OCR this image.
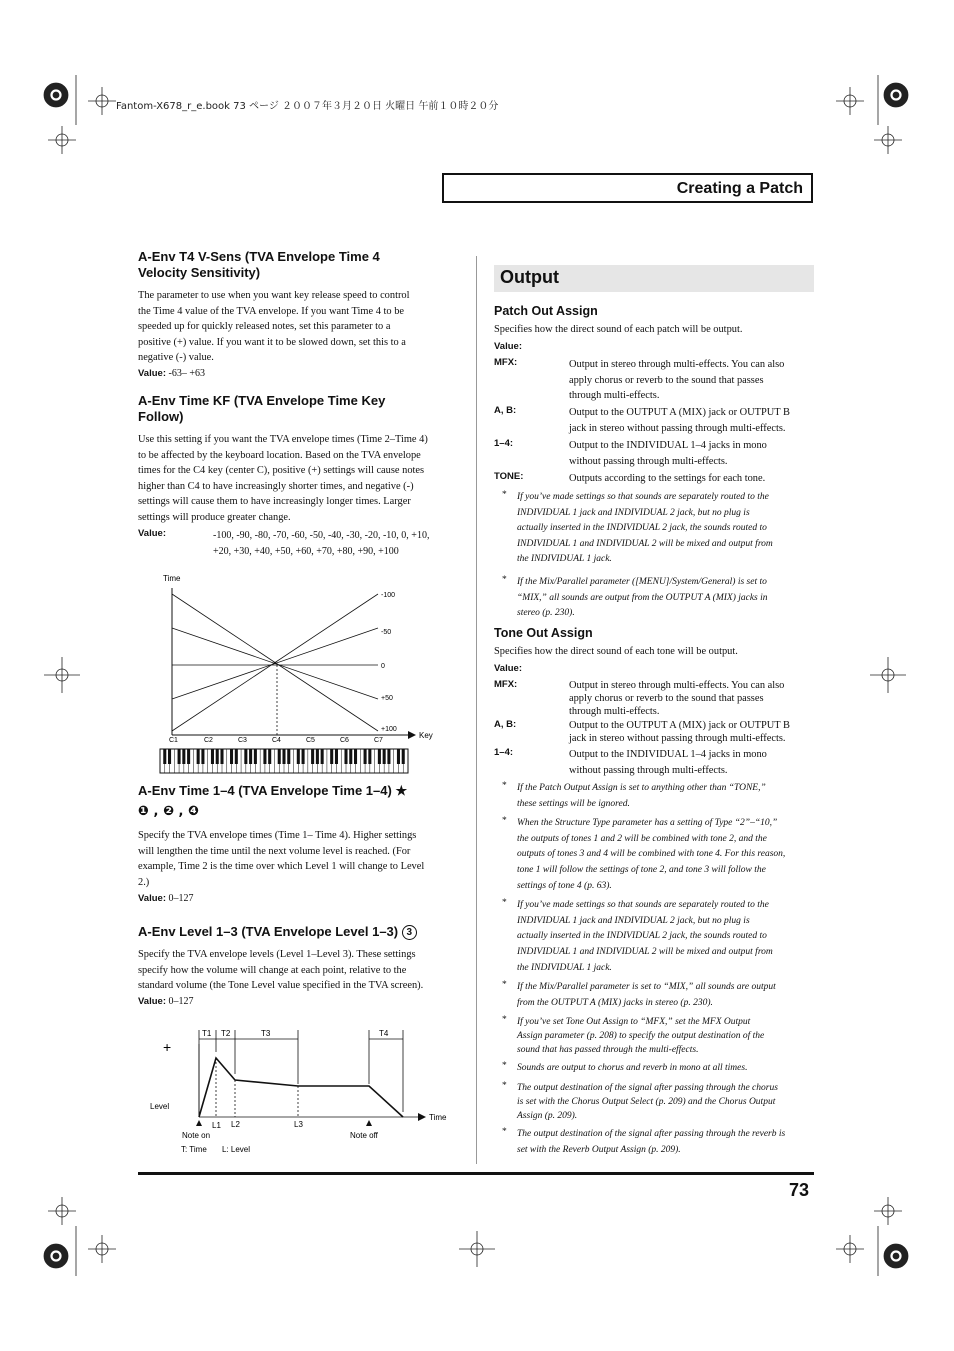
Fantom-X678_r_e.book 73 ページ ２００７年３月２０日 火曜日 午前１０時２０分
Creating a Patch
A-Env T4 V-Sens (TVA Envelope Time 4
Velocity Sensitivity)
The parameter to use when you want key release speed to control
the Time 4 value of the TVA envelope. If you want Time 4 to be
speeded up for quickly released notes, set this parameter to a
positive (+) value. If you want it to be slowed down, set this to a
negative (-) value.
Value: -63– +63
A-Env Time KF (TVA Envelope Time Key
Follow)
Use this setting if you want the TVA envelope times (Time 2–Time 4)
to be affected by the keyboard location. Based on the TVA envelope
times for the C4 key (center C), positive (+) settings will cause notes
higher than C4 to have increasingly shorter times, and negative (-)
settings will cause them to have increasingly longer times. Larger
settings will produce greater change.
Value:	-100, -90, -80, -70, -60, -50, -40, -30, -20, -10, 0, +10,
+20, +30, +40, +50, +60, +70, +80, +90, +100
Time
-100
-50
0
+50
+100
Key
C1	C2	C3	C4	C5	C6	C7
A-Env Time 1–4 (TVA Envelope Time 1–4) ★
❶ , ❷ , ❹
Specify the TVA envelope times (Time 1– Time 4). Higher settings
will lengthen the time until the next volume level is reached. (For
example, Time 2 is the time over which Level 1 will change to Level
2.)
Value: 0–127
A-Env Level 1–3 (TVA Envelope Level 1–3) 3
Specify the TVA envelope levels (Level 1–Level 3). These settings
specify how the volume will change at each point, relative to the
standard volume (the Tone Level value specified in the TVA screen).
Value: 0–127
+
T1 T2	T3	T4
Level
L1 L2	L3
Time
Note on	Note off
T: Time L: Level
Output
Patch Out Assign
Specifies how the direct sound of each patch will be output.
Value:
MFX:	Output in stereo through multi-effects. You can also
apply chorus or reverb to the sound that passes
through multi-effects.
A, B:	Output to the OUTPUT A (MIX) jack or OUTPUT B
jack in stereo without passing through multi-effects.
1–4:	Output to the INDIVIDUAL 1–4 jacks in mono
without passing through multi-effects.
TONE:	Outputs according to the settings for each tone.
* If you’ve made settings so that sounds are separately routed to the
INDIVIDUAL 1 jack and INDIVIDUAL 2 jack, but no plug is
actually inserted in the INDIVIDUAL 2 jack, the sounds routed to
INDIVIDUAL 1 and INDIVIDUAL 2 will be mixed and output from
the INDIVIDUAL 1 jack.
* If the Mix/Parallel parameter ([MENU]/System/General) is set to
“MIX,” all sounds are output from the OUTPUT A (MIX) jacks in
stereo (p. 230).
Tone Out Assign
Specifies how the direct sound of each tone will be output.
Value:
MFX:	Output in stereo through multi-effects. You can also
apply chorus or reverb to the sound that passes
through multi-effects.
A, B:	Output to the OUTPUT A (MIX) jack or OUTPUT B
jack in stereo without passing through multi-effects.
1–4:	Output to the INDIVIDUAL 1–4 jacks in mono
without passing through multi-effects.
* If the Patch Output Assign is set to anything other than “TONE,”
these settings will be ignored.
* When the Structure Type parameter has a setting of Type “2”–“10,”
the outputs of tones 1 and 2 will be combined with tone 2, and the
outputs of tones 3 and 4 will be combined with tone 4. For this reason,
tone 1 will follow the settings of tone 2, and tone 3 will follow the
settings of tone 4 (p. 63).
* If you’ve made settings so that sounds are separately routed to the
INDIVIDUAL 1 jack and INDIVIDUAL 2 jack, but no plug is
actually inserted in the INDIVIDUAL 2 jack, the sounds routed to
INDIVIDUAL 1 and INDIVIDUAL 2 will be mixed and output from
the INDIVIDUAL 1 jack.
* If the Mix/Parallel parameter is set to “MIX,” all sounds are output
from the OUTPUT A (MIX) jacks in stereo (p. 230).
* If you’ve set Tone Out Assign to “MFX,” set the MFX Output
Assign parameter (p. 208) to specify the output destination of the
sound that has passed through the multi-effects.
* Sounds are output to chorus and reverb in mono at all times.
* The output destination of the signal after passing through the chorus
is set with the Chorus Output Select (p. 209) and the Chorus Output
Assign (p. 209).
* The output destination of the signal after passing through the reverb is
set with the Reverb Output Assign (p. 209).
73
